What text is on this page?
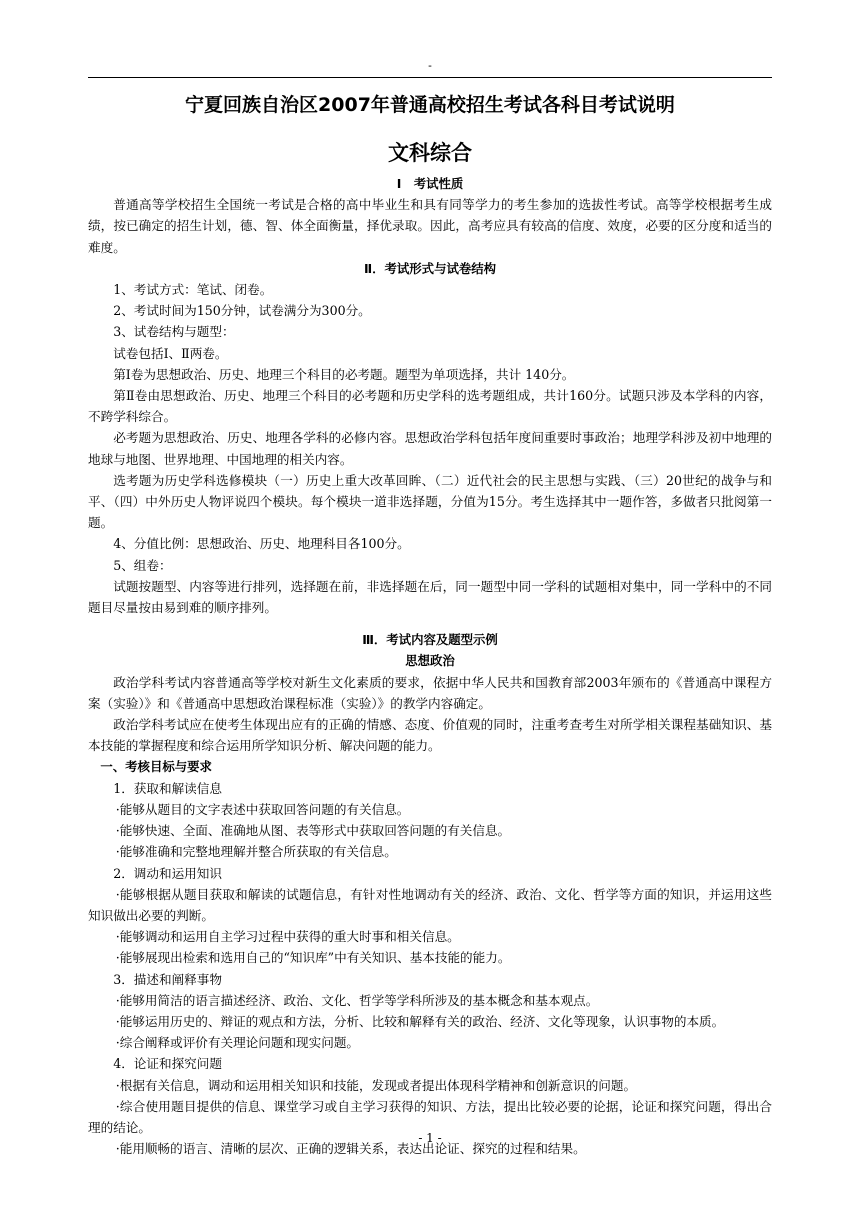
-
宁夏回族自治区2007年普通高校招生考试各科目考试说明
文科综合

Ⅰ　考试性质

普通高等学校招生全国统一考试是合格的高中毕业生和具有同等学力的考生参加的选拔性考试。高等学校根据考生成绩，按已确定的招生计划，德、智、体全面衡量，择优录取。因此，高考应具有较高的信度、效度，必要的区分度和适当的难度。

Ⅱ．考试形式与试卷结构

1、考试方式：笔试、闭卷。

2、考试时间为150分钟，试卷满分为300分。

3、试卷结构与题型：

试卷包括Ⅰ、Ⅱ两卷。

第Ⅰ卷为思想政治、历史、地理三个科目的必考题。题型为单项选择，共计 140分。

第Ⅱ卷由思想政治、历史、地理三个科目的必考题和历史学科的选考题组成，共计160分。试题只涉及本学科的内容，不跨学科综合。

必考题为思想政治、历史、地理各学科的必修内容。思想政治学科包括年度间重要时事政治；地理学科涉及初中地理的地球与地图、世界地理、中国地理的相关内容。

选考题为历史学科选修模块（一）历史上重大改革回眸、（二）近代社会的民主思想与实践、（三）20世纪的战争与和平、（四）中外历史人物评说四个模块。每个模块一道非选择题，分值为15分。考生选择其中一题作答，多做者只批阅第一题。

4、分值比例：思想政治、历史、地理科目各100分。

5、组卷：

试题按题型、内容等进行排列，选择题在前，非选择题在后，同一题型中同一学科的试题相对集中，同一学科中的不同题目尽量按由易到难的顺序排列。

Ⅲ．考试内容及题型示例

思想政治

政治学科考试内容普通高等学校对新生文化素质的要求，依据中华人民共和国教育部2003年颁布的《普通高中课程方案（实验）》和《普通高中思想政治课程标准（实验）》的教学内容确定。

政治学科考试应在使考生体现出应有的正确的情感、态度、价值观的同时，注重考查考生对所学相关课程基础知识、基本技能的掌握程度和综合运用所学知识分析、解决问题的能力。

一、考核目标与要求

1．获取和解读信息

·能够从题目的文字表述中获取回答问题的有关信息。

·能够快速、全面、准确地从图、表等形式中获取回答问题的有关信息。

·能够准确和完整地理解并整合所获取的有关信息。

2．调动和运用知识

·能够根据从题目获取和解读的试题信息，有针对性地调动有关的经济、政治、文化、哲学等方面的知识，并运用这些知识做出必要的判断。

·能够调动和运用自主学习过程中获得的重大时事和相关信息。

·能够展现出检索和选用自己的“知识库”中有关知识、基本技能的能力。

3．描述和阐释事物

·能够用简洁的语言描述经济、政治、文化、哲学等学科所涉及的基本概念和基本观点。

·能够运用历史的、辩证的观点和方法，分析、比较和解释有关的政治、经济、文化等现象，认识事物的本质。

·综合阐释或评价有关理论问题和现实问题。

4．论证和探究问题

·根据有关信息，调动和运用相关知识和技能，发现或者提出体现科学精神和创新意识的问题。

·综合使用题目提供的信息、课堂学习或自主学习获得的知识、方法，提出比较必要的论据，论证和探究问题，得出合理的结论。

·能用顺畅的语言、清晰的层次、正确的逻辑关系，表达出论证、探究的过程和结果。

- 1 -
